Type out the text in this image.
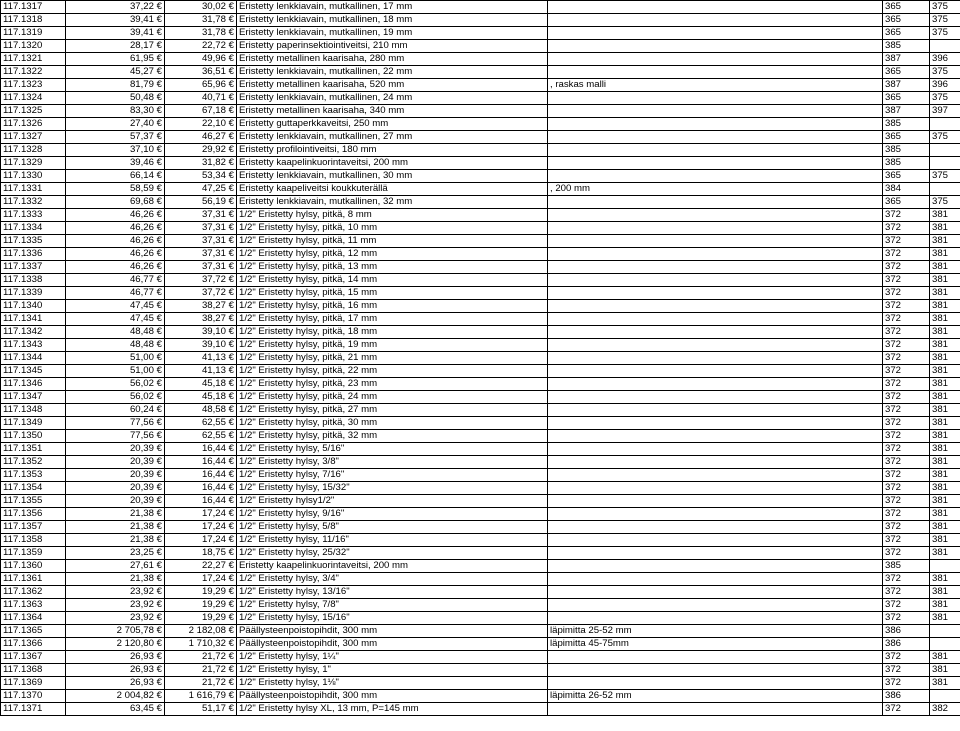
117.1317	37,22 €	30,02 €	Eristetty lenkkiavain, mutkallinen, 17 mm		365	375
117.1318	39,41 €	31,78 €	Eristetty lenkkiavain, mutkallinen, 18 mm		365	375
117.1319	39,41 €	31,78 €	Eristetty lenkkiavain, mutkallinen, 19 mm		365	375
117.1320	28,17 €	22,72 €	Eristetty paperinsektiointiveitsi, 210 mm		385	
117.1321	61,95 €	49,96 €	Eristetty metallinen kaarisaha, 280 mm		387	396
117.1322	45,27 €	36,51 €	Eristetty lenkkiavain, mutkallinen, 22 mm		365	375
117.1323	81,79 €	65,96 €	Eristetty metallinen kaarisaha, 520 mm	, raskas malli	387	396
117.1324	50,48 €	40,71 €	Eristetty lenkkiavain, mutkallinen, 24 mm		365	375
117.1325	83,30 €	67,18 €	Eristetty metallinen kaarisaha, 340 mm		387	397
117.1326	27,40 €	22,10 €	Eristetty guttaperkkaveitsi, 250 mm		385	
117.1327	57,37 €	46,27 €	Eristetty lenkkiavain, mutkallinen, 27 mm		365	375
117.1328	37,10 €	29,92 €	Eristetty profilointiveitsi, 180 mm		385	
117.1329	39,46 €	31,82 €	Eristetty kaapelinkuorintaveitsi, 200 mm		385	
117.1330	66,14 €	53,34 €	Eristetty lenkkiavain, mutkallinen, 30 mm		365	375
117.1331	58,59 €	47,25 €	Eristetty kaapeliveitsi koukkuterällä	, 200 mm	384	
117.1332	69,68 €	56,19 €	Eristetty lenkkiavain, mutkallinen, 32 mm		365	375
117.1333	46,26 €	37,31 €	1/2" Eristetty hylsy, pitkä, 8 mm		372	381
117.1334	46,26 €	37,31 €	1/2" Eristetty hylsy, pitkä, 10 mm		372	381
117.1335	46,26 €	37,31 €	1/2" Eristetty hylsy, pitkä, 11 mm		372	381
117.1336	46,26 €	37,31 €	1/2" Eristetty hylsy, pitkä, 12 mm		372	381
117.1337	46,26 €	37,31 €	1/2" Eristetty hylsy, pitkä, 13 mm		372	381
117.1338	46,77 €	37,72 €	1/2" Eristetty hylsy, pitkä, 14 mm		372	381
117.1339	46,77 €	37,72 €	1/2" Eristetty hylsy, pitkä, 15 mm		372	381
117.1340	47,45 €	38,27 €	1/2" Eristetty hylsy, pitkä, 16 mm		372	381
117.1341	47,45 €	38,27 €	1/2" Eristetty hylsy, pitkä, 17 mm		372	381
117.1342	48,48 €	39,10 €	1/2" Eristetty hylsy, pitkä, 18 mm		372	381
117.1343	48,48 €	39,10 €	1/2" Eristetty hylsy, pitkä, 19 mm		372	381
117.1344	51,00 €	41,13 €	1/2" Eristetty hylsy, pitkä, 21 mm		372	381
117.1345	51,00 €	41,13 €	1/2" Eristetty hylsy, pitkä, 22 mm		372	381
117.1346	56,02 €	45,18 €	1/2" Eristetty hylsy, pitkä, 23 mm		372	381
117.1347	56,02 €	45,18 €	1/2" Eristetty hylsy, pitkä, 24 mm		372	381
117.1348	60,24 €	48,58 €	1/2" Eristetty hylsy, pitkä, 27 mm		372	381
117.1349	77,56 €	62,55 €	1/2" Eristetty hylsy, pitkä, 30 mm		372	381
117.1350	77,56 €	62,55 €	1/2" Eristetty hylsy, pitkä, 32 mm		372	381
117.1351	20,39 €	16,44 €	1/2" Eristetty hylsy, 5/16"		372	381
117.1352	20,39 €	16,44 €	1/2" Eristetty hylsy, 3/8"		372	381
117.1353	20,39 €	16,44 €	1/2" Eristetty hylsy, 7/16"		372	381
117.1354	20,39 €	16,44 €	1/2" Eristetty hylsy, 15/32"		372	381
117.1355	20,39 €	16,44 €	1/2" Eristetty hylsy1/2"		372	381
117.1356	21,38 €	17,24 €	1/2" Eristetty hylsy, 9/16"		372	381
117.1357	21,38 €	17,24 €	1/2" Eristetty hylsy, 5/8"		372	381
117.1358	21,38 €	17,24 €	1/2" Eristetty hylsy, 11/16"		372	381
117.1359	23,25 €	18,75 €	1/2" Eristetty hylsy, 25/32"		372	381
117.1360	27,61 €	22,27 €	Eristetty kaapelinkuorintaveitsi, 200 mm		385	
117.1361	21,38 €	17,24 €	1/2" Eristetty hylsy, 3/4"		372	381
117.1362	23,92 €	19,29 €	1/2" Eristetty hylsy, 13/16"		372	381
117.1363	23,92 €	19,29 €	1/2" Eristetty hylsy, 7/8"		372	381
117.1364	23,92 €	19,29 €	1/2" Eristetty hylsy, 15/16"		372	381
117.1365	2 705,78 €	2 182,08 €	Päällysteenpoistopihdit, 300 mm	läpimitta 25-52 mm	386	
117.1366	2 120,80 €	1 710,32 €	Päällysteenpoistopihdit, 300 mm	läpimitta 45-75mm	386	
117.1367	26,93 €	21,72 €	1/2" Eristetty hylsy, 1¼"		372	381
117.1368	26,93 €	21,72 €	1/2" Eristetty hylsy, 1"		372	381
117.1369	26,93 €	21,72 €	1/2" Eristetty hylsy, 1⅛"		372	381
117.1370	2 004,82 €	1 616,79 €	Päällysteenpoistopihdit, 300 mm	läpimitta 26-52 mm	386	
117.1371	63,45 €	51,17 €	1/2" Eristetty hylsy XL, 13 mm, P=145 mm		372	382
